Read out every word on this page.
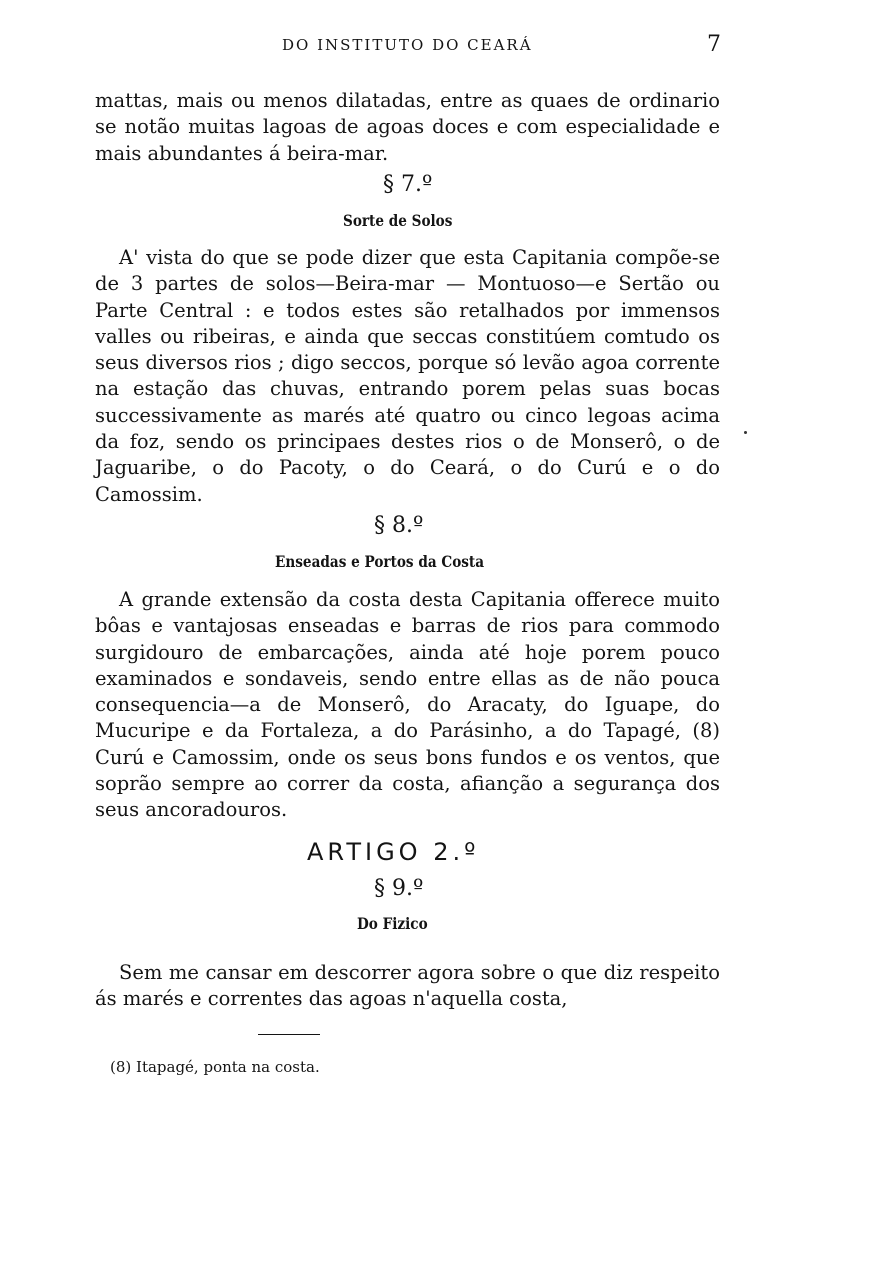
DO INSTITUTO DO CEARÁ	7

mattas, mais ou menos dilatadas, entre as quaes de ordinario se notão muitas lagoas de agoas doces e com especialidade e mais abundantes á beira-mar.

§ 7.º
Sorte de Solos

A' vista do que se pode dizer que esta Capitania compõe-se de 3 partes de solos—Beira-mar — Montuoso—e Sertão ou Parte Central : e todos estes são retalhados por immensos valles ou ribeiras, e ainda que seccas constitúem comtudo os seus diversos rios ; digo seccos, porque só levão agoa corrente na estação das chuvas, entrando porem pelas suas bocas successivamente as marés até quatro ou cinco legoas acima da foz, sendo os principaes destes rios o de Monserô, o de Jaguaribe, o do Pacoty, o do Ceará, o do Curú e o do Camossim.

§ 8.º
Enseadas e Portos da Costa

A grande extensão da costa desta Capitania offerece muito bôas e vantajosas enseadas e barras de rios para commodo surgidouro de embarcações, ainda até hoje porem pouco examinados e sondaveis, sendo entre ellas as de não pouca consequencia—a de Monserô, do Aracaty, do Iguape, do Mucuripe e da Fortaleza, a do Parásinho, a do Tapagé, (8) Curú e Camossim, onde os seus bons fundos e os ventos, que soprão sempre ao correr da costa, afianção a segurança dos seus ancoradouros.

ARTIGO 2.º
§ 9.º
Do Fizico

Sem me cansar em descorrer agora sobre o que diz respeito ás marés e correntes das agoas n'aquella costa,

(8) Itapagé, ponta na costa.
